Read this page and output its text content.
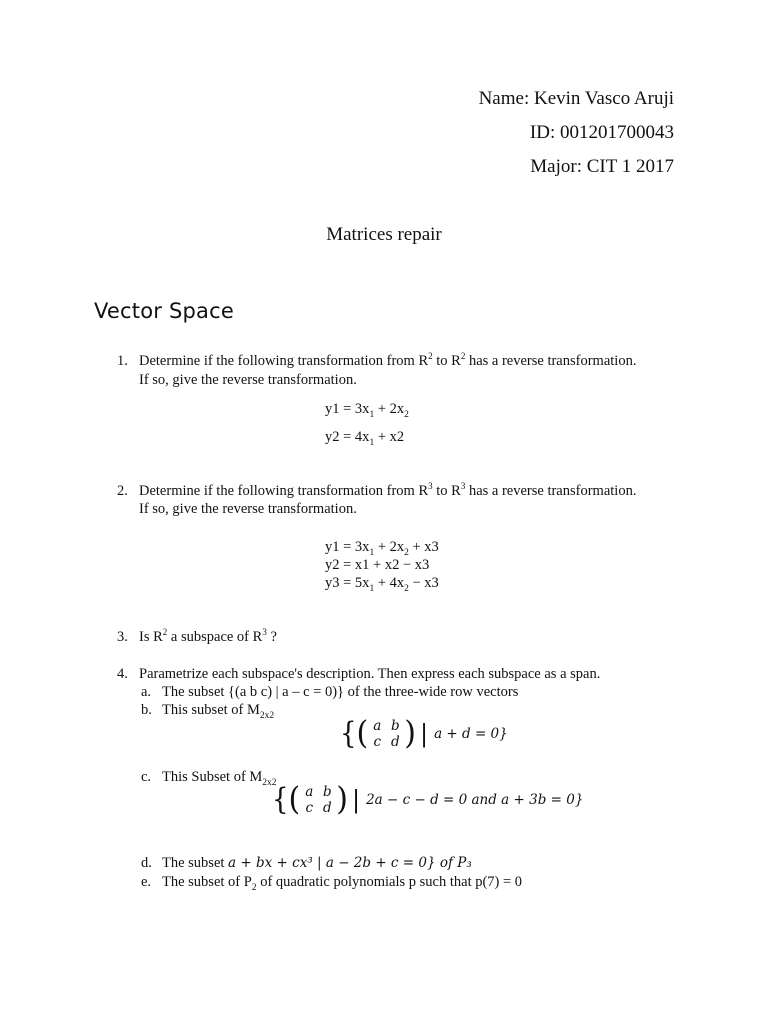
Name: Kevin Vasco Aruji
ID: 001201700043
Major: CIT 1 2017
Matrices repair
Vector Space
1. Determine if the following transformation from $R^2$ to $R^2$ has a reverse transformation.
If so, give the reverse transformation.
$y1 = 3x_1 + 2x_2$
$y2 = 4x_1 + x2$
2. Determine if the following transformation from $R^3$ to $R^3$ has a reverse transformation.
If so, give the reverse transformation.
$y1 = 3x_1 + 2x_2 + x3$
y2 = x1 + x2 − x3
$y3 = 5x_1 + 4x_2 - x3$
3. Is $R^2$ a subspace of $R^3$ ?
4. Parametrize each subspace's description. Then express each subspace as a span.
a. The subset {(a b c) | a – c = 0)} of the three-wide row vectors
b. This subset of $M_{2x2}$
{ ( a b
c d ) | a + d = 0}
c. This Subset of $M_{2x2}$
{ ( a b
c d ) | 2a − c − d = 0 and a + 3b = 0}
d. The subset a + bx + cx³ | a − 2b + c = 0} of P₃
e. The subset of $P_2$ of quadratic polynomials p such that p(7) = 0
